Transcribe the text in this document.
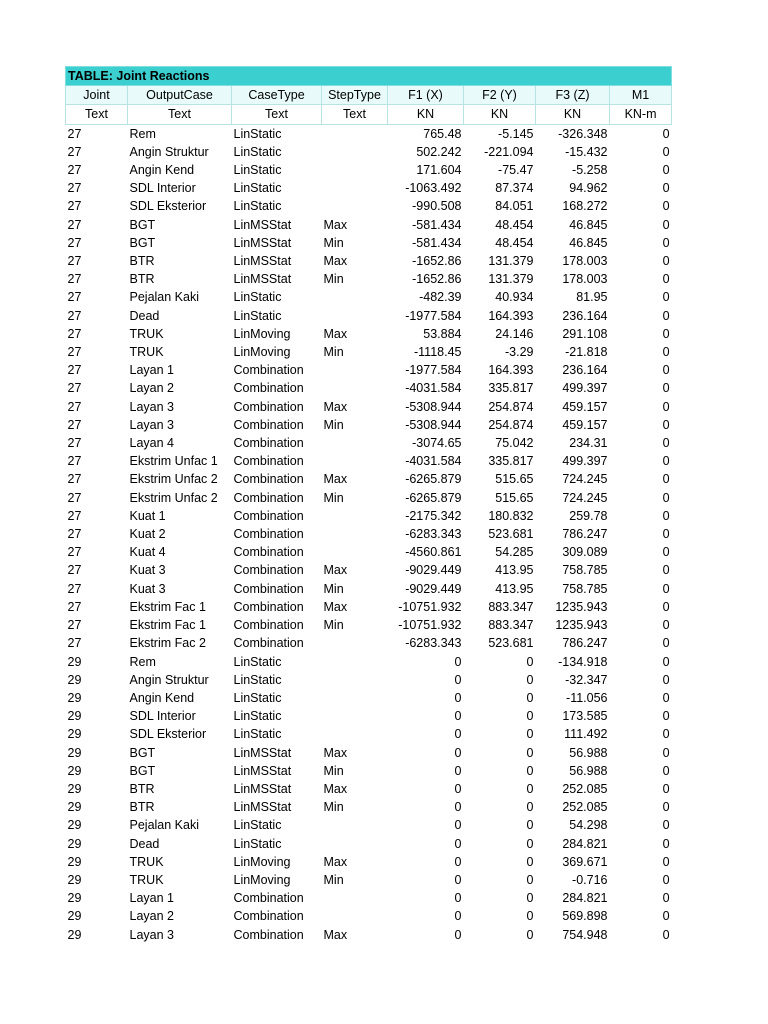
TABLE: Joint Reactions							
Joint	OutputCase	CaseType	StepType	F1 (X)	F2 (Y)	F3 (Z)	M1
Text	Text	Text	Text	KN	KN	KN	KN-m
27	Rem	LinStatic		765.48	-5.145	-326.348	0
27	Angin Struktur	LinStatic		502.242	-221.094	-15.432	0
27	Angin Kend	LinStatic		171.604	-75.47	-5.258	0
27	SDL Interior	LinStatic		-1063.492	87.374	94.962	0
27	SDL Eksterior	LinStatic		-990.508	84.051	168.272	0
27	BGT	LinMSStat	Max	-581.434	48.454	46.845	0
27	BGT	LinMSStat	Min	-581.434	48.454	46.845	0
27	BTR	LinMSStat	Max	-1652.86	131.379	178.003	0
27	BTR	LinMSStat	Min	-1652.86	131.379	178.003	0
27	Pejalan Kaki	LinStatic		-482.39	40.934	81.95	0
27	Dead	LinStatic		-1977.584	164.393	236.164	0
27	TRUK	LinMoving	Max	53.884	24.146	291.108	0
27	TRUK	LinMoving	Min	-1118.45	-3.29	-21.818	0
27	Layan 1	Combination		-1977.584	164.393	236.164	0
27	Layan 2	Combination		-4031.584	335.817	499.397	0
27	Layan 3	Combination	Max	-5308.944	254.874	459.157	0
27	Layan 3	Combination	Min	-5308.944	254.874	459.157	0
27	Layan 4	Combination		-3074.65	75.042	234.31	0
27	Ekstrim Unfac 1	Combination		-4031.584	335.817	499.397	0
27	Ekstrim Unfac 2	Combination	Max	-6265.879	515.65	724.245	0
27	Ekstrim Unfac 2	Combination	Min	-6265.879	515.65	724.245	0
27	Kuat 1	Combination		-2175.342	180.832	259.78	0
27	Kuat 2	Combination		-6283.343	523.681	786.247	0
27	Kuat 4	Combination		-4560.861	54.285	309.089	0
27	Kuat 3	Combination	Max	-9029.449	413.95	758.785	0
27	Kuat 3	Combination	Min	-9029.449	413.95	758.785	0
27	Ekstrim Fac 1	Combination	Max	-10751.932	883.347	1235.943	0
27	Ekstrim Fac 1	Combination	Min	-10751.932	883.347	1235.943	0
27	Ekstrim Fac 2	Combination		-6283.343	523.681	786.247	0
29	Rem	LinStatic		0	0	-134.918	0
29	Angin Struktur	LinStatic		0	0	-32.347	0
29	Angin Kend	LinStatic		0	0	-11.056	0
29	SDL Interior	LinStatic		0	0	173.585	0
29	SDL Eksterior	LinStatic		0	0	111.492	0
29	BGT	LinMSStat	Max	0	0	56.988	0
29	BGT	LinMSStat	Min	0	0	56.988	0
29	BTR	LinMSStat	Max	0	0	252.085	0
29	BTR	LinMSStat	Min	0	0	252.085	0
29	Pejalan Kaki	LinStatic		0	0	54.298	0
29	Dead	LinStatic		0	0	284.821	0
29	TRUK	LinMoving	Max	0	0	369.671	0
29	TRUK	LinMoving	Min	0	0	-0.716	0
29	Layan 1	Combination		0	0	284.821	0
29	Layan 2	Combination		0	0	569.898	0
29	Layan 3	Combination	Max	0	0	754.948	0
